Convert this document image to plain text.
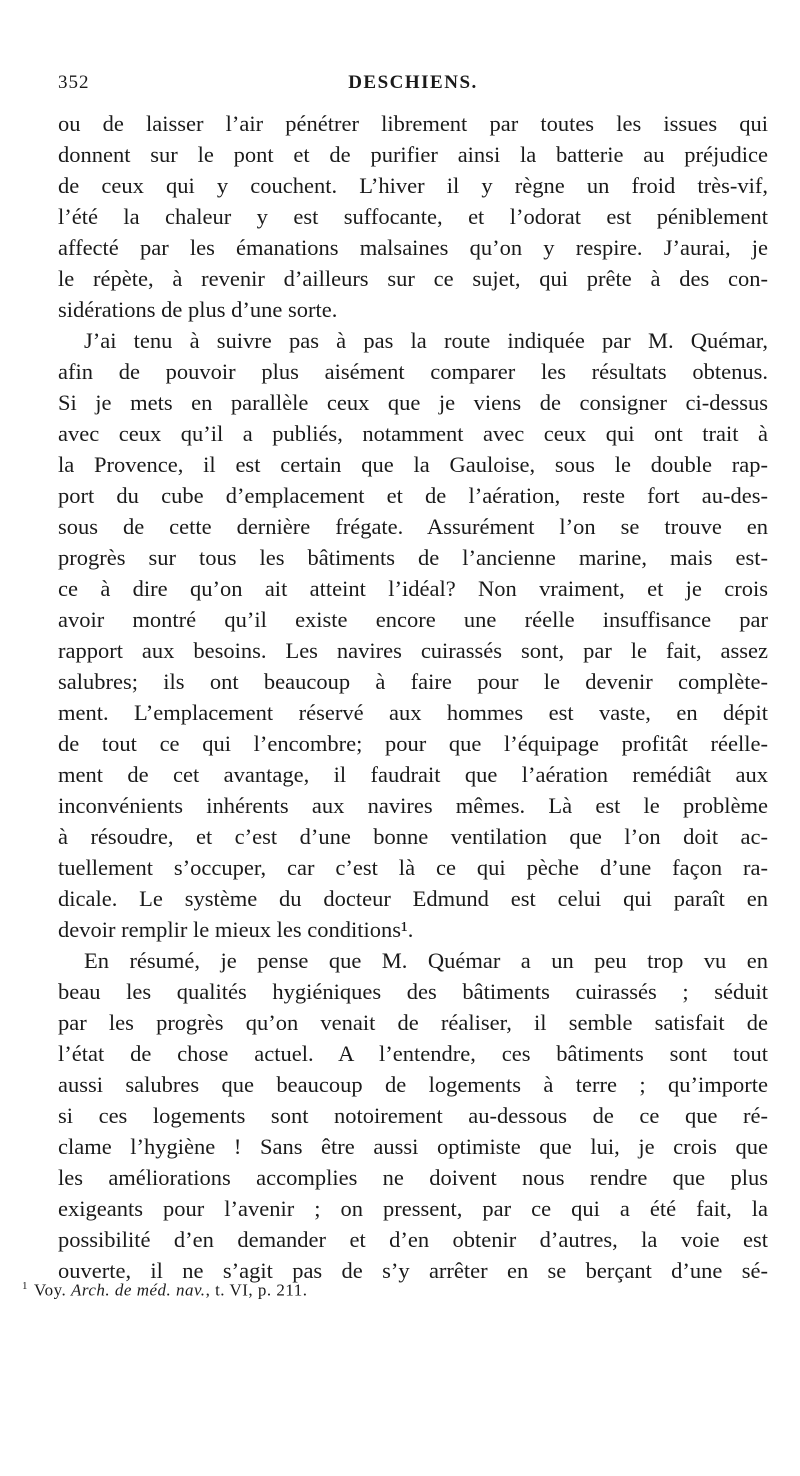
352	DESCHIENS.
ou de laisser l’air pénétrer librement par toutes les issues qui
donnent sur le pont et de purifier ainsi la batterie au préjudice
de ceux qui y couchent. L’hiver il y règne un froid très-vif,
l’été la chaleur y est suffocante, et l’odorat est péniblement
affecté par les émanations malsaines qu’on y respire. J’aurai, je
le répète, à revenir d’ailleurs sur ce sujet, qui prête à des con-
sidérations de plus d’une sorte.
J’ai tenu à suivre pas à pas la route indiquée par M. Quémar,
afin de pouvoir plus aisément comparer les résultats obtenus.
Si je mets en parallèle ceux que je viens de consigner ci-dessus
avec ceux qu’il a publiés, notamment avec ceux qui ont trait à
la Provence, il est certain que la Gauloise, sous le double rap-
port du cube d’emplacement et de l’aération, reste fort au-des-
sous de cette dernière frégate. Assurément l’on se trouve en
progrès sur tous les bâtiments de l’ancienne marine, mais est-
ce à dire qu’on ait atteint l’idéal? Non vraiment, et je crois
avoir montré qu’il existe encore une réelle insuffisance par
rapport aux besoins. Les navires cuirassés sont, par le fait, assez
salubres; ils ont beaucoup à faire pour le devenir complète-
ment. L’emplacement réservé aux hommes est vaste, en dépit
de tout ce qui l’encombre; pour que l’équipage profitât réelle-
ment de cet avantage, il faudrait que l’aération remédiât aux
inconvénients inhérents aux navires mêmes. Là est le problème
à résoudre, et c’est d’une bonne ventilation que l’on doit ac-
tuellement s’occuper, car c’est là ce qui pèche d’une façon ra-
dicale. Le système du docteur Edmund est celui qui paraît en
devoir remplir le mieux les conditions¹.
En résumé, je pense que M. Quémar a un peu trop vu en
beau les qualités hygiéniques des bâtiments cuirassés ; séduit
par les progrès qu’on venait de réaliser, il semble satisfait de
l’état de chose actuel. A l’entendre, ces bâtiments sont tout
aussi salubres que beaucoup de logements à terre ; qu’importe
si ces logements sont notoirement au-dessous de ce que ré-
clame l’hygiène ! Sans être aussi optimiste que lui, je crois que
les améliorations accomplies ne doivent nous rendre que plus
exigeants pour l’avenir ; on pressent, par ce qui a été fait, la
possibilité d’en demander et d’en obtenir d’autres, la voie est
ouverte, il ne s’agit pas de s’y arrêter en se berçant d’une sé-
$^1$ Voy. Arch. de méd. nav., t. VI, p. 211.
